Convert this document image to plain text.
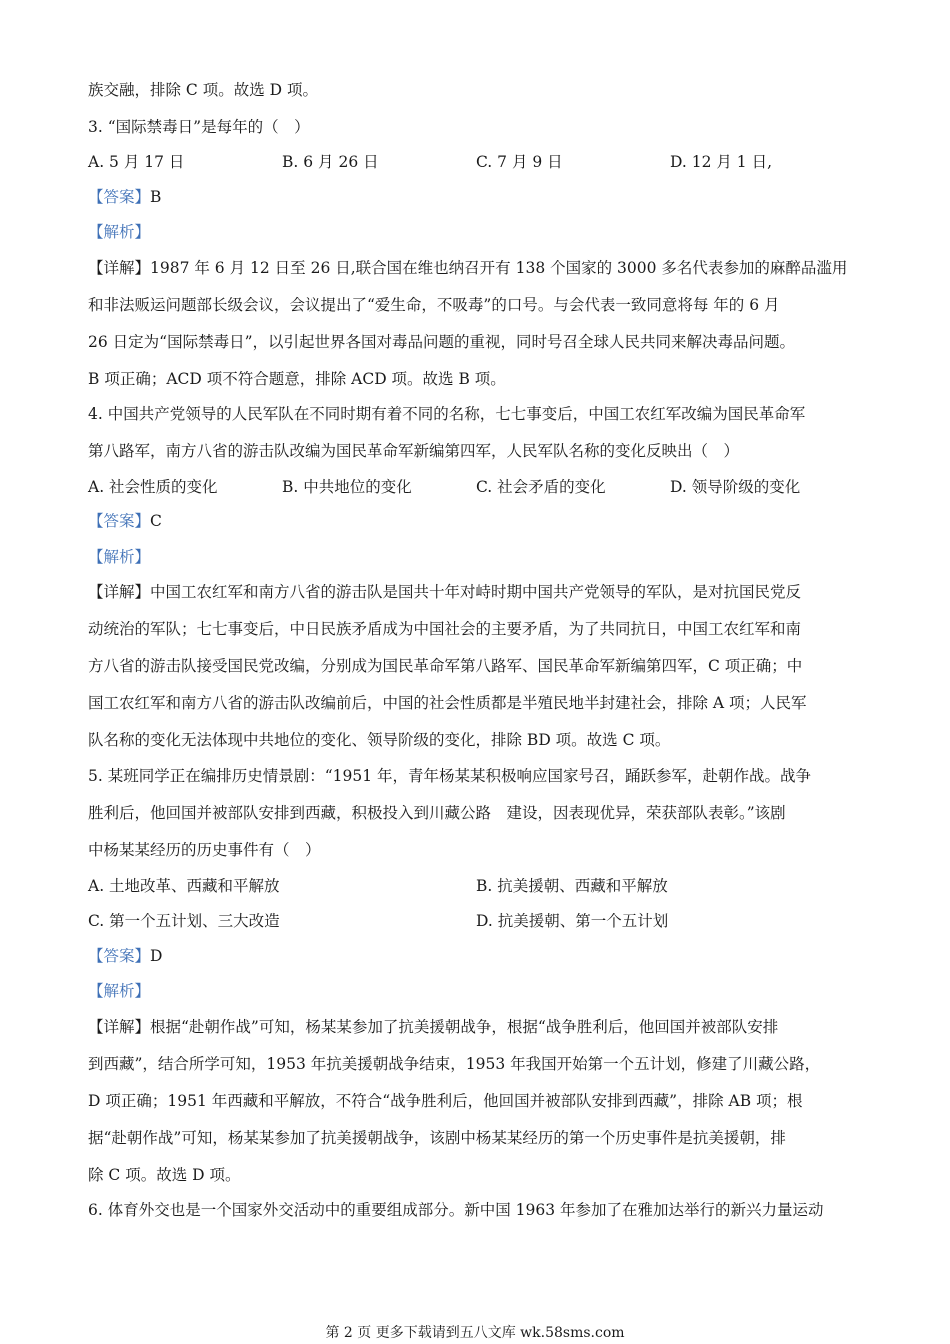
族交融，排除 C 项。故选 D 项。
3. “国际禁毒日”是每年的（　）
A. 5 月 17 日	B. 6 月 26 日	C. 7 月 9 日	D. 12 月 1 日,
【答案】B
【解析】
【详解】1987 年 6 月 12 日至 26 日,联合国在维也纳召开有 138 个国家的 3000 多名代表参加的麻醉品滥用
和非法贩运问题部长级会议，会议提出了“爱生命，不吸毒”的口号。与会代表一致同意将每 年的 6 月
26 日定为“国际禁毒日”，以引起世界各国对毒品问题的重视，同时号召全球人民共同来解决毒品问题。
B 项正确；ACD 项不符合题意，排除 ACD 项。故选 B 项。
4. 中国共产党领导的人民军队在不同时期有着不同的名称，七七事变后，中国工农红军改编为国民革命军
第八路军，南方八省的游击队改编为国民革命军新编第四军，人民军队名称的变化反映出（　）
A. 社会性质的变化	B. 中共地位的变化	C. 社会矛盾的变化	D. 领导阶级的变化
【答案】C
【解析】
【详解】中国工农红军和南方八省的游击队是国共十年对峙时期中国共产党领导的军队，是对抗国民党反
动统治的军队；七七事变后，中日民族矛盾成为中国社会的主要矛盾，为了共同抗日，中国工农红军和南
方八省的游击队接受国民党改编，分别成为国民革命军第八路军、国民革命军新编第四军，C 项正确；中
国工农红军和南方八省的游击队改编前后，中国的社会性质都是半殖民地半封建社会，排除 A 项；人民军
队名称的变化无法体现中共地位的变化、领导阶级的变化，排除 BD 项。故选 C 项。
5. 某班同学正在编排历史情景剧：“1951 年，青年杨某某积极响应国家号召，踊跃参军，赴朝作战。战争
胜利后，他回国并被部队安排到西藏，积极投入到川藏公路　建设，因表现优异，荣获部队表彰。”该剧
中杨某某经历的历史事件有（　）
A. 土地改革、西藏和平解放	B. 抗美援朝、西藏和平解放
C. 第一个五计划、三大改造	D. 抗美援朝、第一个五计划
【答案】D
【解析】
【详解】根据“赴朝作战”可知，杨某某参加了抗美援朝战争，根据“战争胜利后，他回国并被部队安排
到西藏”，结合所学可知，1953 年抗美援朝战争结束，1953 年我国开始第一个五计划，修建了川藏公路，
D 项正确；1951 年西藏和平解放，不符合“战争胜利后，他回国并被部队安排到西藏”，排除 AB 项；根
据“赴朝作战”可知，杨某某参加了抗美援朝战争，该剧中杨某某经历的第一个历史事件是抗美援朝，排
除 C 项。故选 D 项。
6. 体育外交也是一个国家外交活动中的重要组成部分。新中国 1963 年参加了在雅加达举行的新兴力量运动
第 2 页 更多下载请到五八文库 wk.58sms.com
